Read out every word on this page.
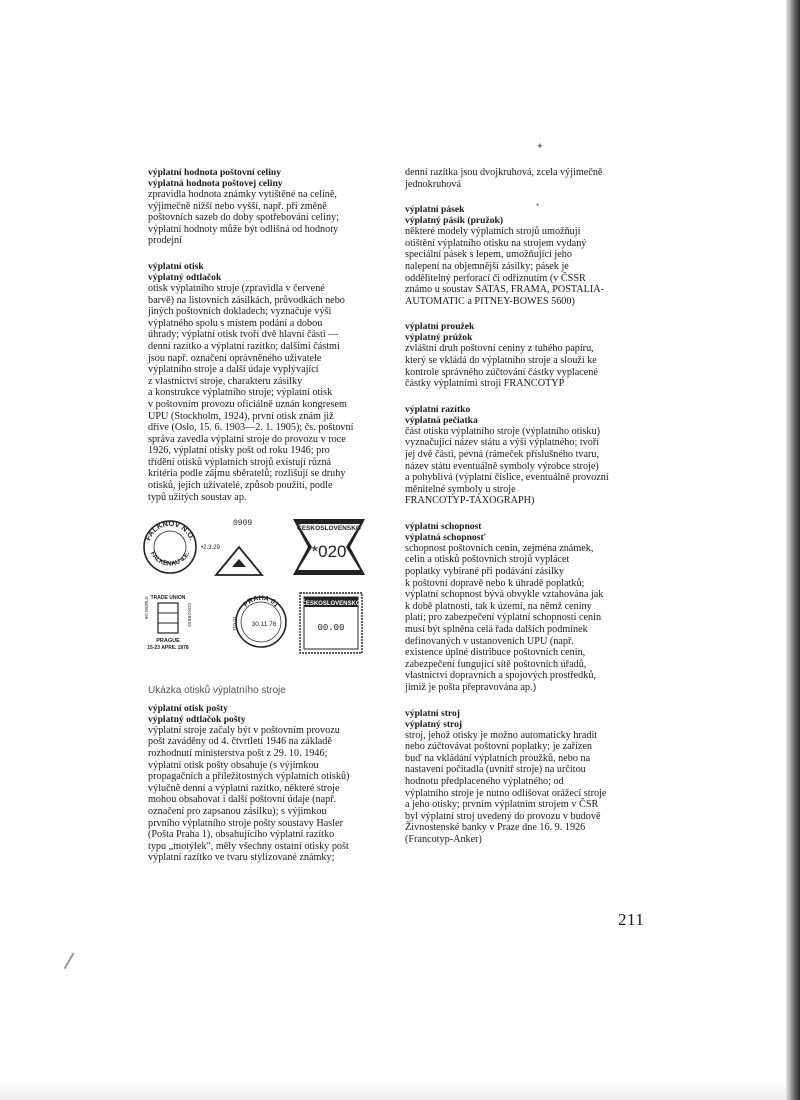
✦
•
výplatní hodnota poštovní celiny
výplatná hodnota poštovej celiny

zpravidla hodnota známky vytištěné na celině,

výjimečně nižší nebo vyšší, např. při změně

poštovních sazeb do doby spotřebování celiny;

výplatní hodnoty může být odlišná od hodnoty

prodejní

výplatní otisk
výplatný odtlačok

otisk výplatního stroje (zpravidla v červené

barvě) na listovních zásilkách, průvodkách nebo

jiných poštovních dokladech; vyznačuje výši

výplatného spolu s místem podání a dobou

úhrady; výplatní otisk tvoří dvě hlavní části —

denní razítko a výplatní razítko; dalšími částmi

jsou např. označení oprávněného uživatele

výplatního stroje a další údaje vyplývající

z vlastnictví stroje, charakteru zásilky

a konstrukce výplatního stroje; výplatní otisk

v poštovním provozu oficiálně uznán kongresem

UPU (Stockholm, 1924), první otisk znám již

dříve (Oslo, 15. 6. 1903—2. 1. 1905); čs. poštovní

správa zavedla výplatní stroje do provozu v roce

1926, výplatní otisky pošt od roku 1946; pro

třídění otisků výplatních strojů existují různá

kritéria podle zájmu sběratelů; rozlišují se druhy

otisků, jejich uživatelé, způsob použití, podle

typů užitých soustav ap.

FALKNOV N.O.
FALKENAU a.E.
•2.3.29
0909
ČESKOSLOVENSKO
*020
TRADE UNION
9th WORLD	CONGRESS
PRAGUE
15-23 APRIL 1978
PRAHA 01
110 01 30.11.76
ČESKOSLOVENSKO
00.00
Ukázka otisků výplatního stroje
výplatní otisk pošty
výplatný odtlačok pošty

výplatní stroje začaly být v poštovním provozu

pošt zaváděny od 4. čtvrtletí 1946 na základě

rozhodnutí ministerstva pošt z 29. 10. 1946;

výplatní otisk pošty obsahuje (s výjimkou

propagačních a příležitostných výplatních otisků)

výlučně denní a výplatní razítko, některé stroje

mohou obsahovat i další poštovní údaje (např.

označení pro zapsanou zásilku); s výjimkou

prvního výplatního stroje pošty soustavy Hasler

(Pošta Praha 1), obsahujícího výplatní razítko

typu „motýlek", měly všechny ostatní otisky pošt

výplatní razítko ve tvaru stylizované známky;

denní razítka jsou dvojkruhová, zcela výjimečně

jednokruhová

výplatní pásek
výplatný pásik (pružok)

některé modely výplatních strojů umožňují

otištění výplatního otisku na strojem vydaný

speciální pásek s lepem, umožňující jeho

nalepení na objemnější zásilky; pásek je

oddělitelný perforací či odříznutím (v ČSSR

známo u soustav SATAS, FRAMA, POSTALIA-

AUTOMATIC a PITNEY-BOWES 5600)

výplatní proužek
výplatný prúžok

zvláštní druh poštovní ceniny z tuhého papíru,

který se vkládá do výplatního stroje a slouží ke

kontrole správného zúčtování částky vyplacené

částky výplatními stroji FRANCOTYP

výplatní razítko
výplatná pečiatka

část otisku výplatního stroje (výplatního otisku)

vyznačující název státu a výši výplatného; tvoří

jej dvě části, pevná (rámeček příslušného tvaru,

název státu eventuálně symboly výrobce stroje)

a pohyblivá (výplatní číslice, eventuálně provozní

měnitelné symboly u stroje

FRANCOTYP-TAXOGRAPH)

výplatní schopnost
výplatná schopnosť

schopnost poštovních cenin, zejména známek,

celin a otisků poštovních strojů vyplácet

poplatky vybírané při podávání zásilky

k poštovní dopravě nebo k úhradě poplatků;

výplatní schopnost bývá obvykle vztahována jak

k době platnosti, tak k území, na němž ceniny

platí; pro zabezpečení výplatní schopnosti cenin

musí být splněna celá řada dalších podmínek

definovaných v ustanoveních UPU (např.

existence úplné distribuce poštovních cenin,

zabezpečení fungující sítě poštovních úřadů,

vlastnictví dopravních a spojových prostředků,

jimiž je pošta přepravována ap.)

výplatní stroj
výplatný stroj

stroj, jehož otisky je možno automaticky hradit

nebo zúčtovávat poštovní poplatky; je zařízen

buď na vkládání výplatních proužků, nebo na

nastavení počitadla (uvnitř stroje) na určitou

hodnotu předplaceného výplatného; od

výplatního stroje je nutno odlišovat orážecí stroje

a jeho otisky; prvním výplatním strojem v ČSR

byl výplatní stroj uvedený do provozu v budově

Živnostenské banky v Praze dne 16. 9. 1926

(Francotyp-Anker)

211
